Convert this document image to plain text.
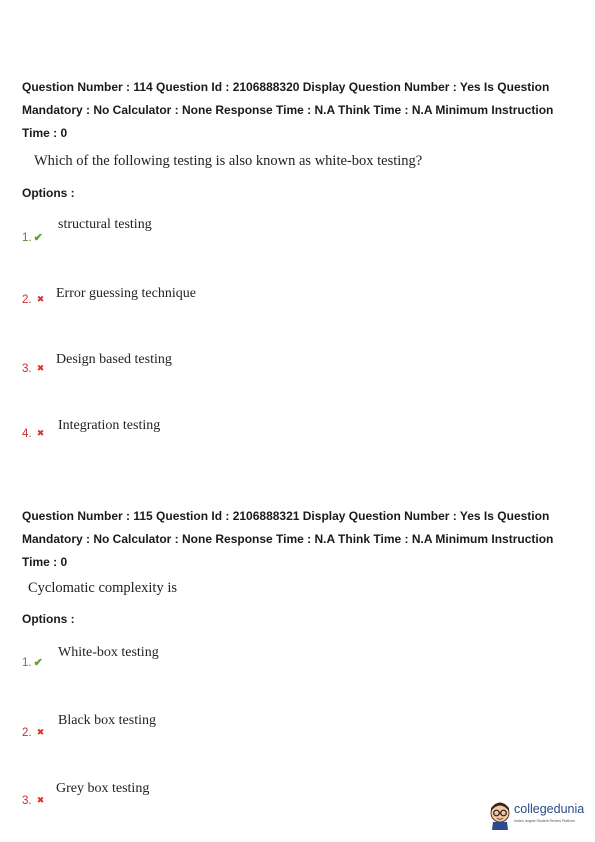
Question Number : 114 Question Id : 2106888320 Display Question Number : Yes Is Question
Mandatory : No Calculator : None Response Time : N.A Think Time : N.A Minimum Instruction
Time : 0
Which of the following testing is also known as white-box testing?
Options :
1. ✔
structural testing
2. ✖ Error guessing technique
3. ✖
Design based testing
4. ✖ Integration testing
Question Number : 115 Question Id : 2106888321 Display Question Number : Yes Is Question
Mandatory : No Calculator : None Response Time : N.A Think Time : N.A Minimum Instruction
Time : 0
Cyclomatic complexity is
Options :
1. ✔
White-box testing
2. ✖
Black box testing
3. ✖
Grey box testing
collegedunia
India's largest Student Review Platform
